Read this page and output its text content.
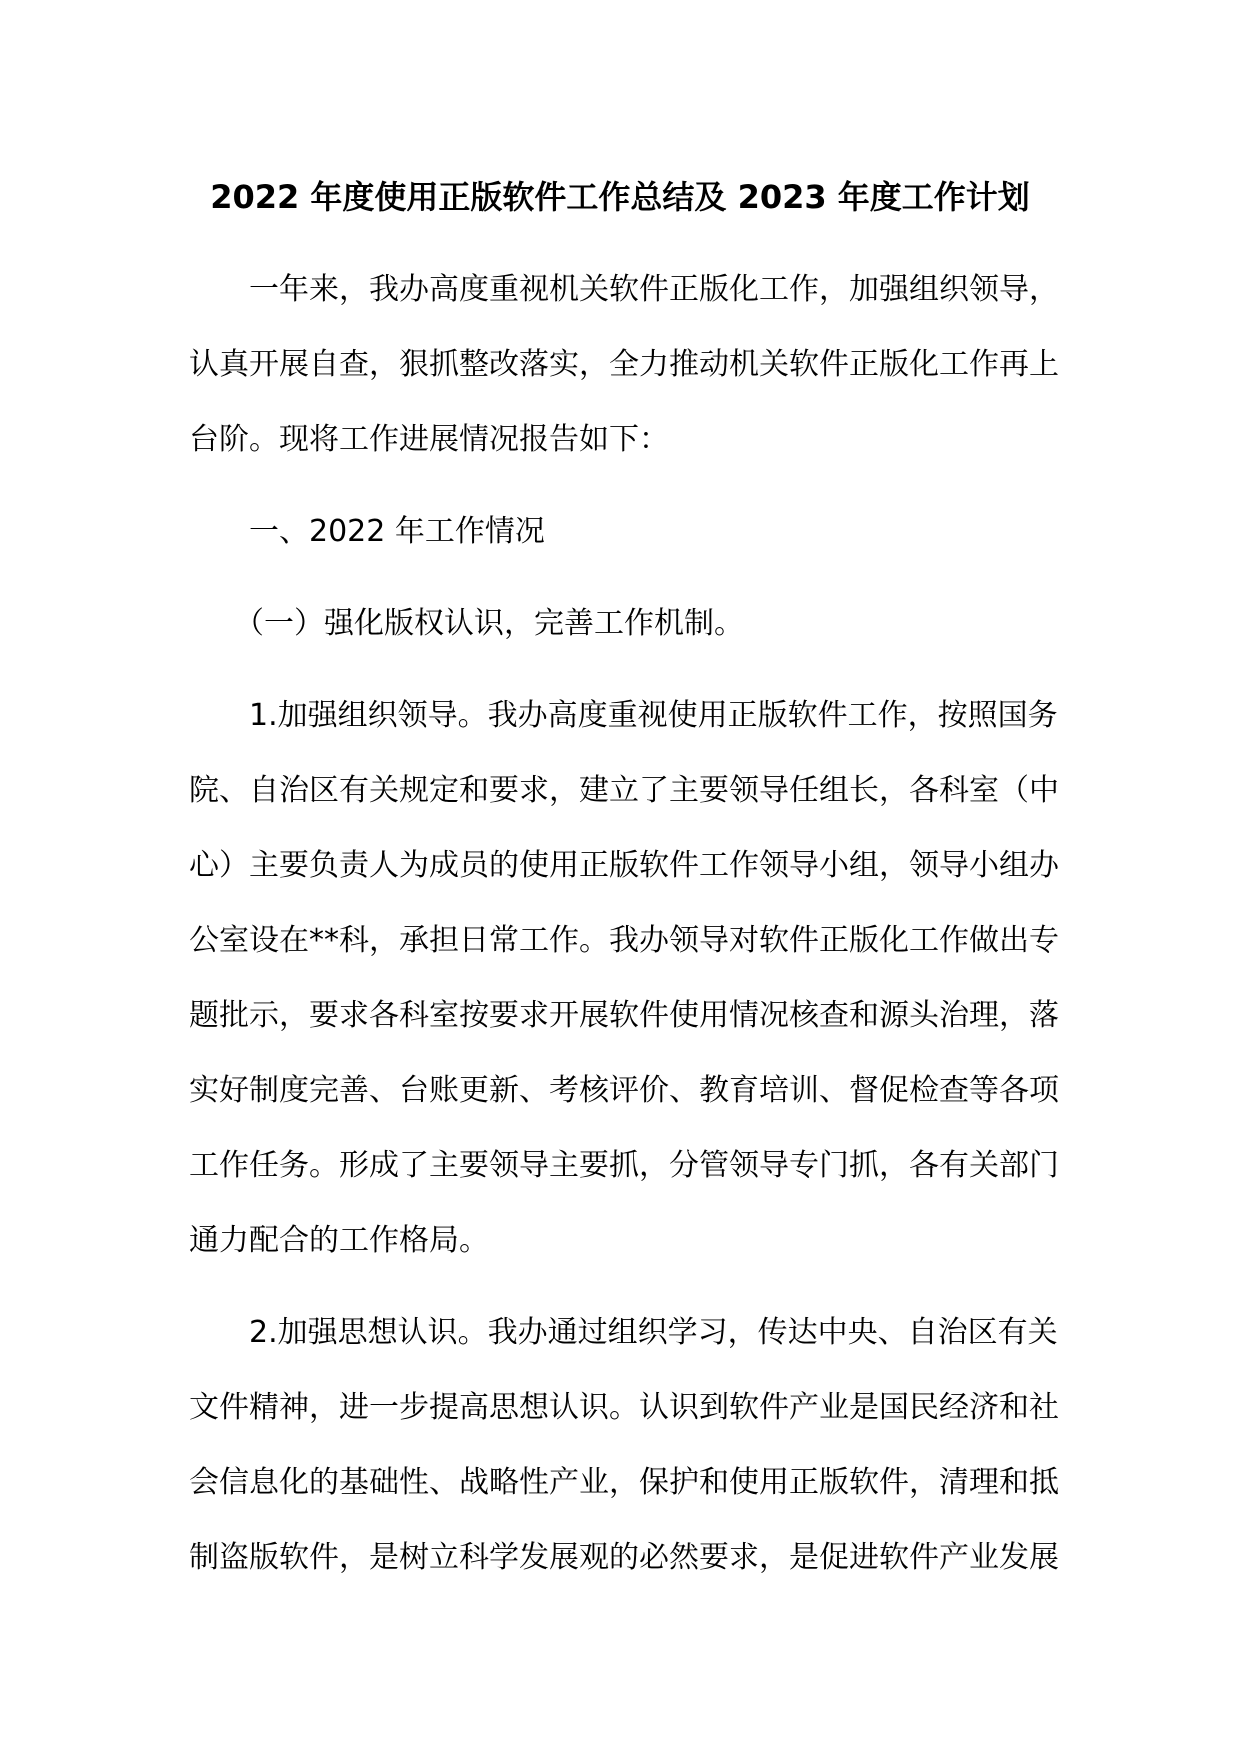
2022 年度使用正版软件工作总结及 2023 年度工作计划

一年来，我办高度重视机关软件正版化工作，加强组织领导，
认真开展自查，狠抓整改落实，全力推动机关软件正版化工作再上
台阶。现将工作进展情况报告如下：

一、2022 年工作情况

（一）强化版权认识，完善工作机制。

1.加强组织领导。我办高度重视使用正版软件工作，按照国务
院、自治区有关规定和要求，建立了主要领导任组长，各科室（中
心）主要负责人为成员的使用正版软件工作领导小组，领导小组办
公室设在**科，承担日常工作。我办领导对软件正版化工作做出专
题批示，要求各科室按要求开展软件使用情况核查和源头治理，落
实好制度完善、台账更新、考核评价、教育培训、督促检查等各项
工作任务。形成了主要领导主要抓，分管领导专门抓，各有关部门
通力配合的工作格局。

2.加强思想认识。我办通过组织学习，传达中央、自治区有关
文件精神，进一步提高思想认识。认识到软件产业是国民经济和社
会信息化的基础性、战略性产业，保护和使用正版软件，清理和抵
制盗版软件，是树立科学发展观的必然要求，是促进软件产业发展
